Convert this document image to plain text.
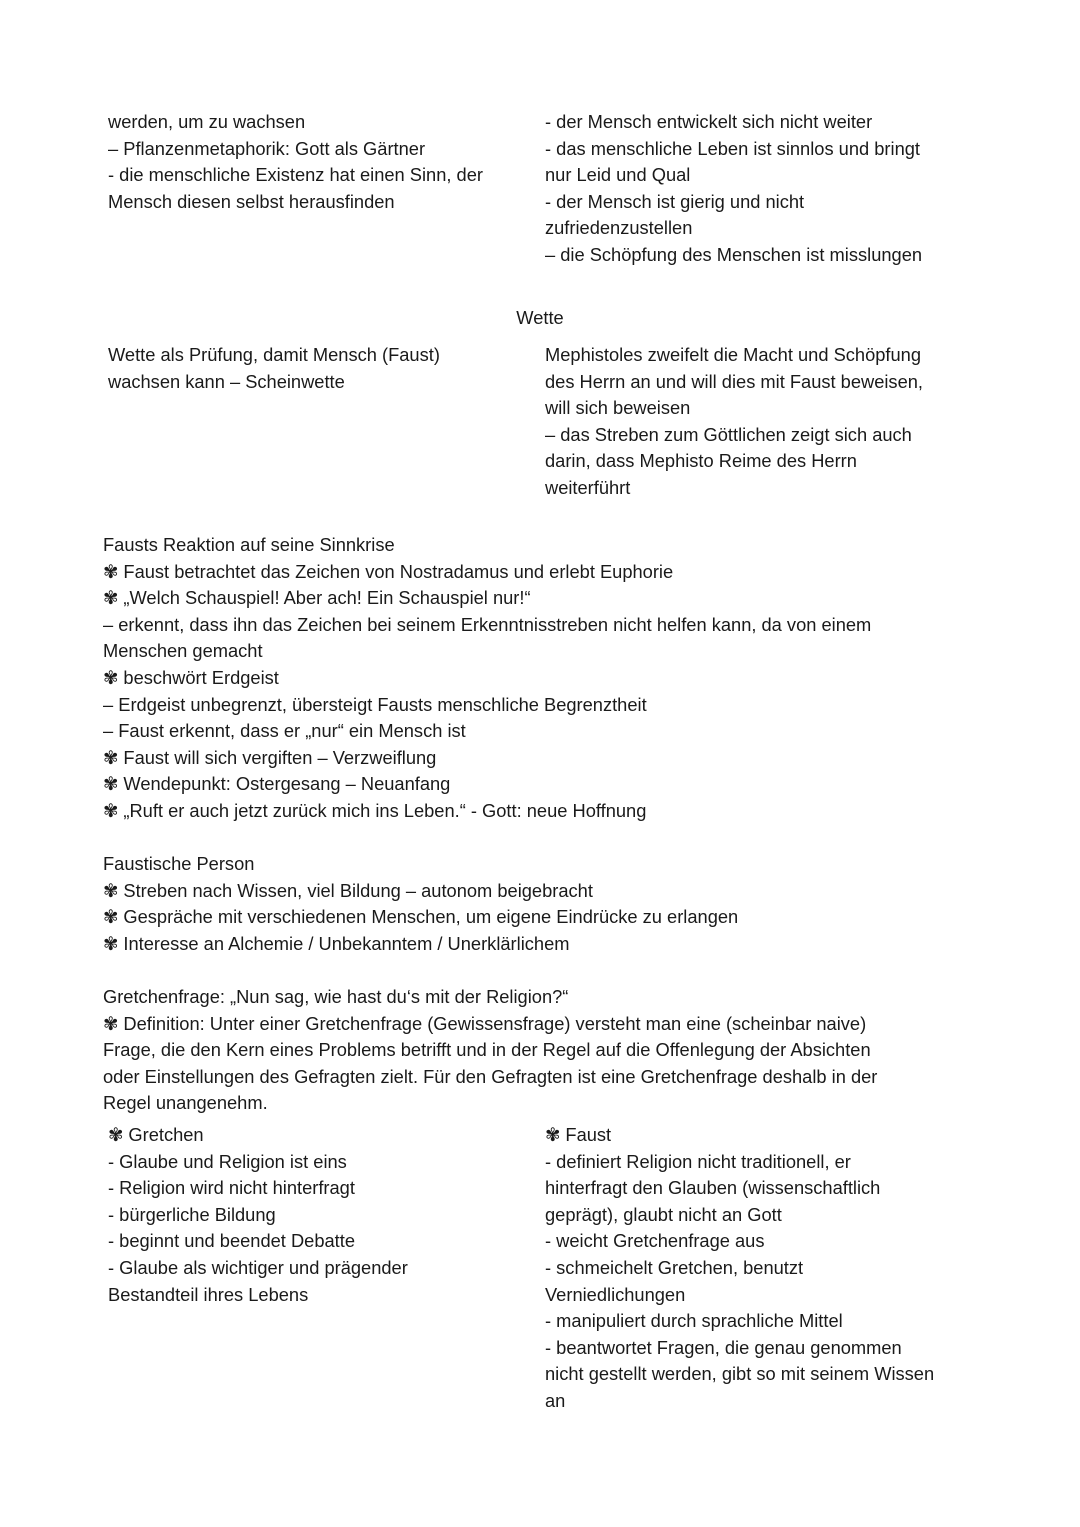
werden, um zu wachsen
– Pflanzenmetaphorik: Gott als Gärtner
- die menschliche Existenz hat einen Sinn, der
Mensch diesen selbst herausfinden
- der Mensch entwickelt sich nicht weiter
- das menschliche Leben ist sinnlos und bringt
nur Leid und Qual
- der Mensch ist gierig und nicht
zufriedenzustellen
– die Schöpfung des Menschen ist misslungen
Wette
Wette als Prüfung, damit Mensch (Faust)
wachsen kann – Scheinwette
Mephistoles zweifelt die Macht und Schöpfung
des Herrn an und will dies mit Faust beweisen,
will sich beweisen
– das Streben zum Göttlichen zeigt sich auch
darin, dass Mephisto Reime des Herrn
weiterführt
Fausts Reaktion auf seine Sinnkrise
✾ Faust betrachtet das Zeichen von Nostradamus und erlebt Euphorie
✾ „Welch Schauspiel! Aber ach! Ein Schauspiel nur!“
– erkennt, dass ihn das Zeichen bei seinem Erkenntnisstreben nicht helfen kann, da von einem
Menschen gemacht
✾ beschwört Erdgeist
– Erdgeist unbegrenzt, übersteigt Fausts menschliche Begrenztheit
– Faust erkennt, dass er „nur“ ein Mensch ist
✾ Faust will sich vergiften – Verzweiflung
✾ Wendepunkt: Ostergesang – Neuanfang
✾ „Ruft er auch jetzt zurück mich ins Leben.“ - Gott: neue Hoffnung
Faustische Person
✾ Streben nach Wissen, viel Bildung – autonom beigebracht
✾ Gespräche mit verschiedenen Menschen, um eigene Eindrücke zu erlangen
✾ Interesse an Alchemie / Unbekanntem / Unerklärlichem
Gretchenfrage: „Nun sag, wie hast du‘s mit der Religion?“
✾ Definition: Unter einer Gretchenfrage (Gewissensfrage) versteht man eine (scheinbar naive)
Frage, die den Kern eines Problems betrifft und in der Regel auf die Offenlegung der Absichten
oder Einstellungen des Gefragten zielt. Für den Gefragten ist eine Gretchenfrage deshalb in der
Regel unangenehm.
✾ Gretchen
- Glaube und Religion ist eins
- Religion wird nicht hinterfragt
- bürgerliche Bildung
- beginnt und beendet Debatte
- Glaube als wichtiger und prägender
Bestandteil ihres Lebens
✾ Faust
- definiert Religion nicht traditionell, er
hinterfragt den Glauben (wissenschaftlich
geprägt), glaubt nicht an Gott
- weicht Gretchenfrage aus
- schmeichelt Gretchen, benutzt
Verniedlichungen
- manipuliert durch sprachliche Mittel
- beantwortet Fragen, die genau genommen
nicht gestellt werden, gibt so mit seinem Wissen
an
